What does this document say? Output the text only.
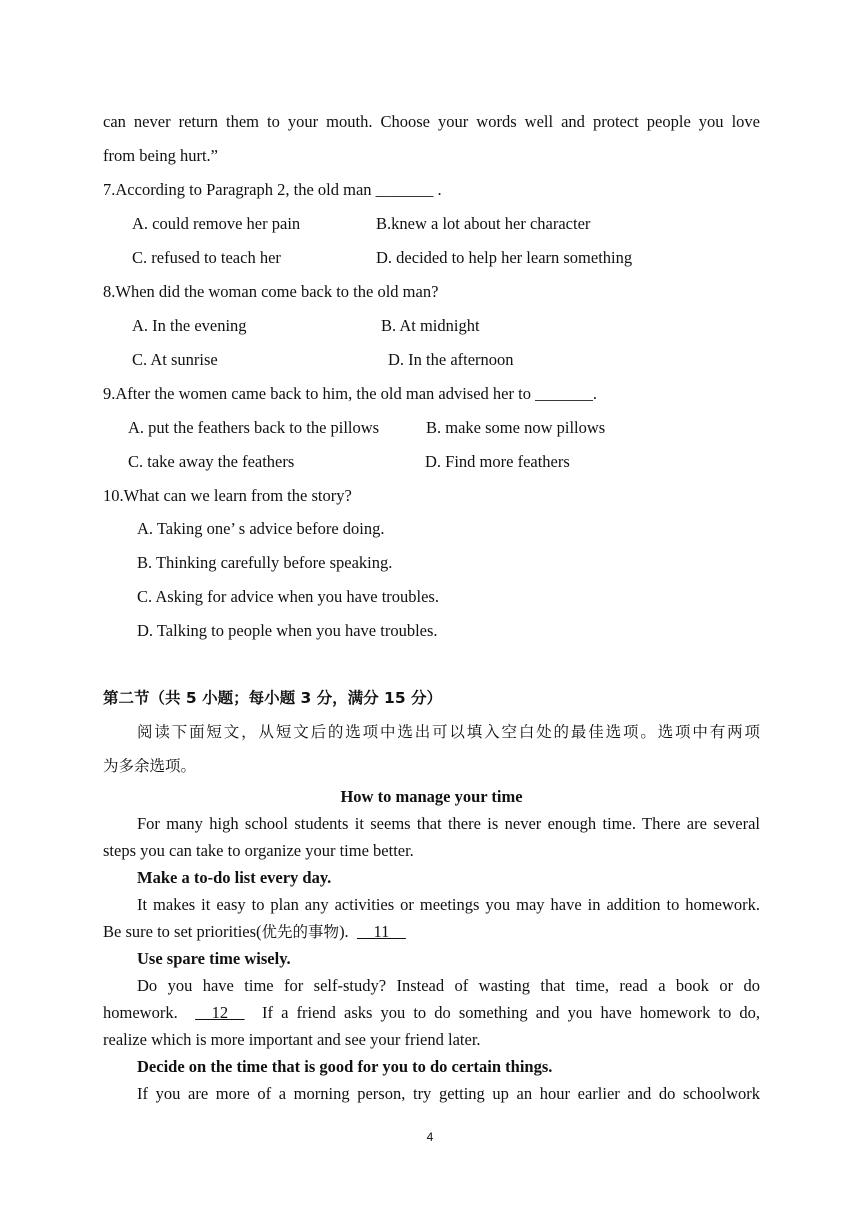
can never return them to your mouth. Choose your words well and protect people you love
from being hurt.”
7.According to Paragraph 2, the old man _______ .
A. could remove her pain	B.knew a lot about her character
C. refused to teach her	D. decided to help her learn something
8.When did the woman come back to the old man?
A. In the evening	B. At midnight
C. At sunrise	D. In the afternoon
9.After the women came back to him, the old man advised her to _______.
A. put the feathers back to the pillows	B. make some now pillows
C. take away the feathers	D. Find more feathers
10.What can we learn from the story?
A. Taking one’ s advice before doing.
B. Thinking carefully before speaking.
C. Asking for advice when you have troubles.
D. Talking to people when you have troubles.
第二节（共 5 小题；每小题 3 分，满分 15 分）
阅读下面短文，从短文后的选项中选出可以填入空白处的最佳选项。选项中有两项
为多余选项。
How to manage your time
For many high school students it seems that there is never enough time. There are several
steps you can take to organize your time better.
Make a to-do list every day.
It makes it easy to plan any activities or meetings you may have in addition to homework.
Be sure to set priorities(优先的事物).      11
Use spare time wisely.
Do you have time for self-study? Instead of wasting that time, read a book or do
homework. 12 If a friend asks you to do something and you have homework to do,
realize which is more important and see your friend later.
Decide on the time that is good for you to do certain things.
If you are more of a morning person, try getting up an hour earlier and do schoolwork
4
